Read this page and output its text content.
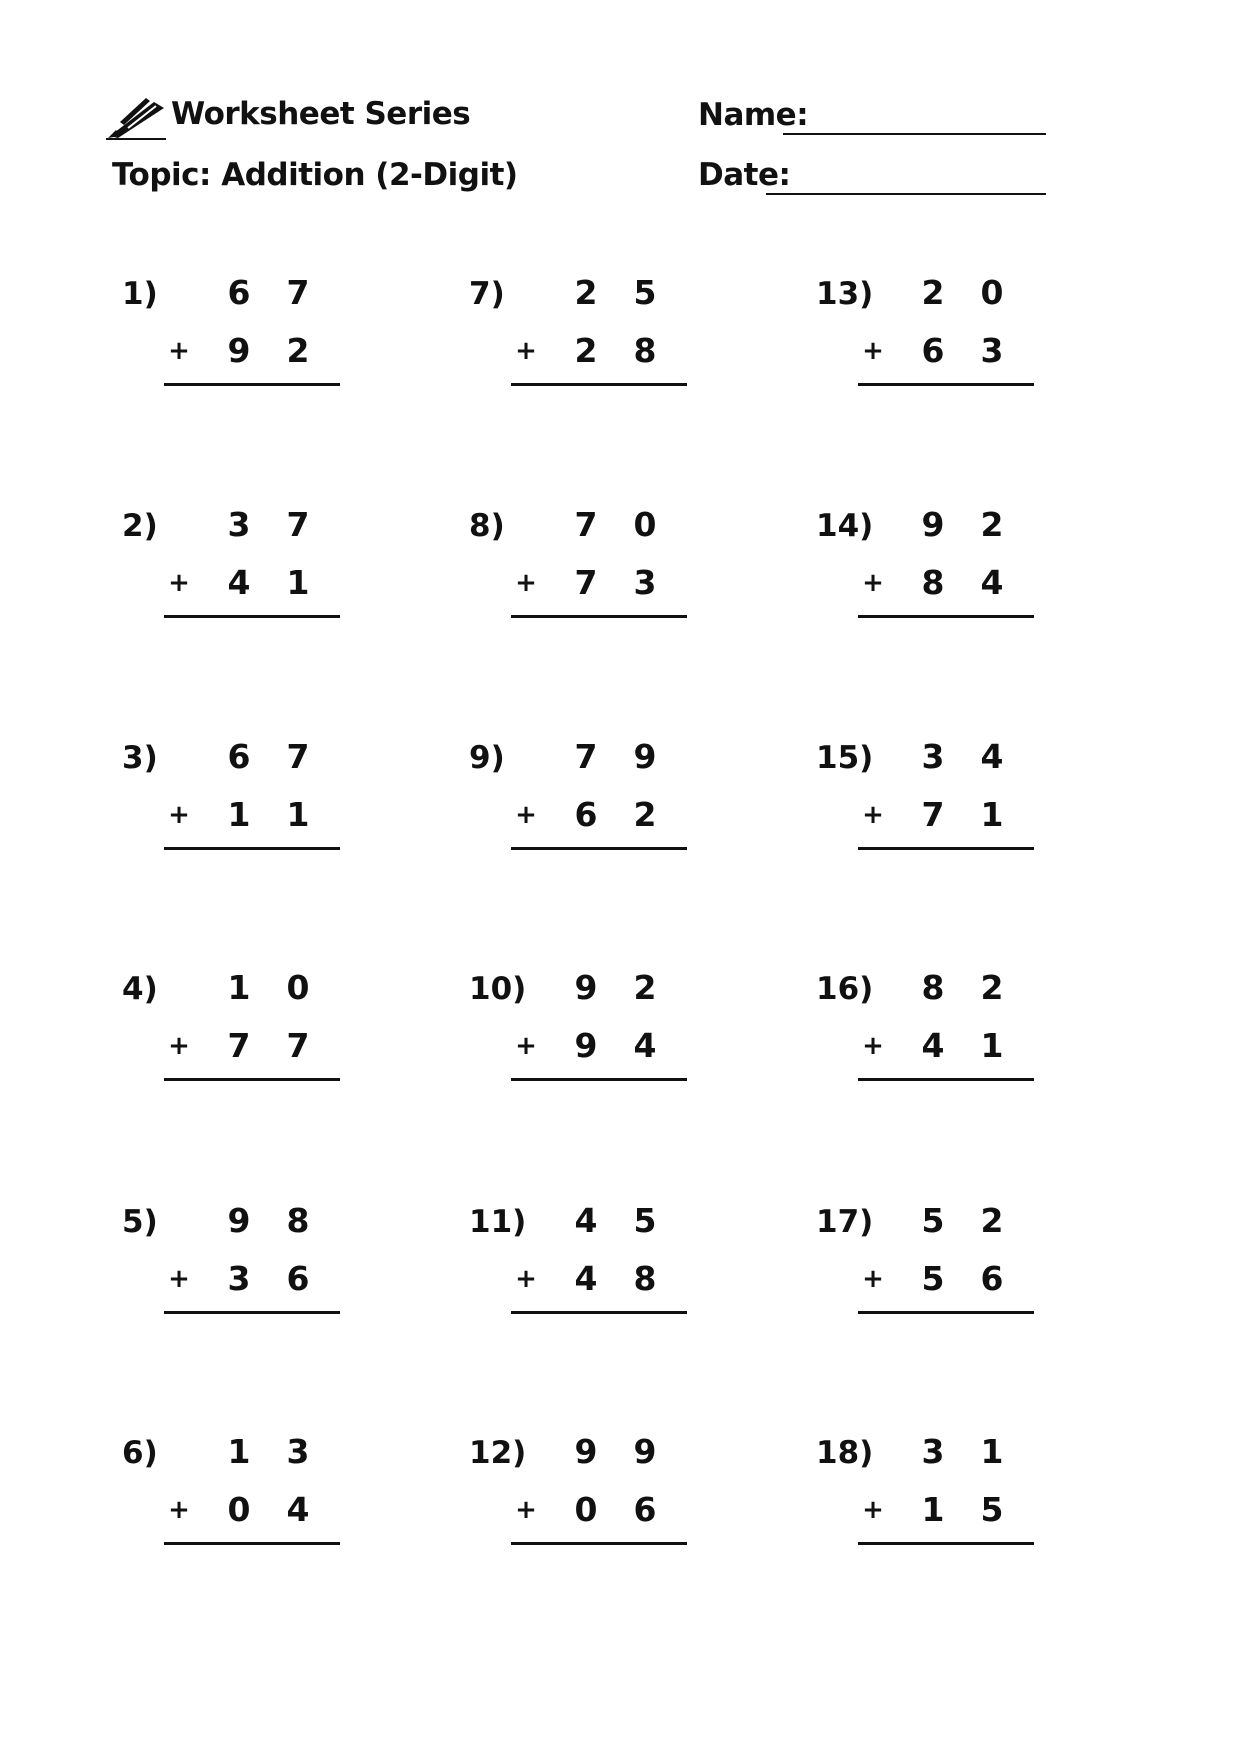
Worksheet Series
Topic: Addition (2-Digit)
Name:
Date:
1) 6 7
+ 9 2
2) 3 7
+ 4 1
3) 6 7
+ 1 1
4) 1 0
+ 7 7
5) 9 8
+ 3 6
6) 1 3
+ 0 4
7) 2 5
+ 2 8
8) 7 0
+ 7 3
9) 7 9
+ 6 2
10) 9 2
+ 9 4
11) 4 5
+ 4 8
12) 9 9
+ 0 6
13) 2 0
+ 6 3
14) 9 2
+ 8 4
15) 3 4
+ 7 1
16) 8 2
+ 4 1
17) 5 2
+ 5 6
18) 3 1
+ 1 5
